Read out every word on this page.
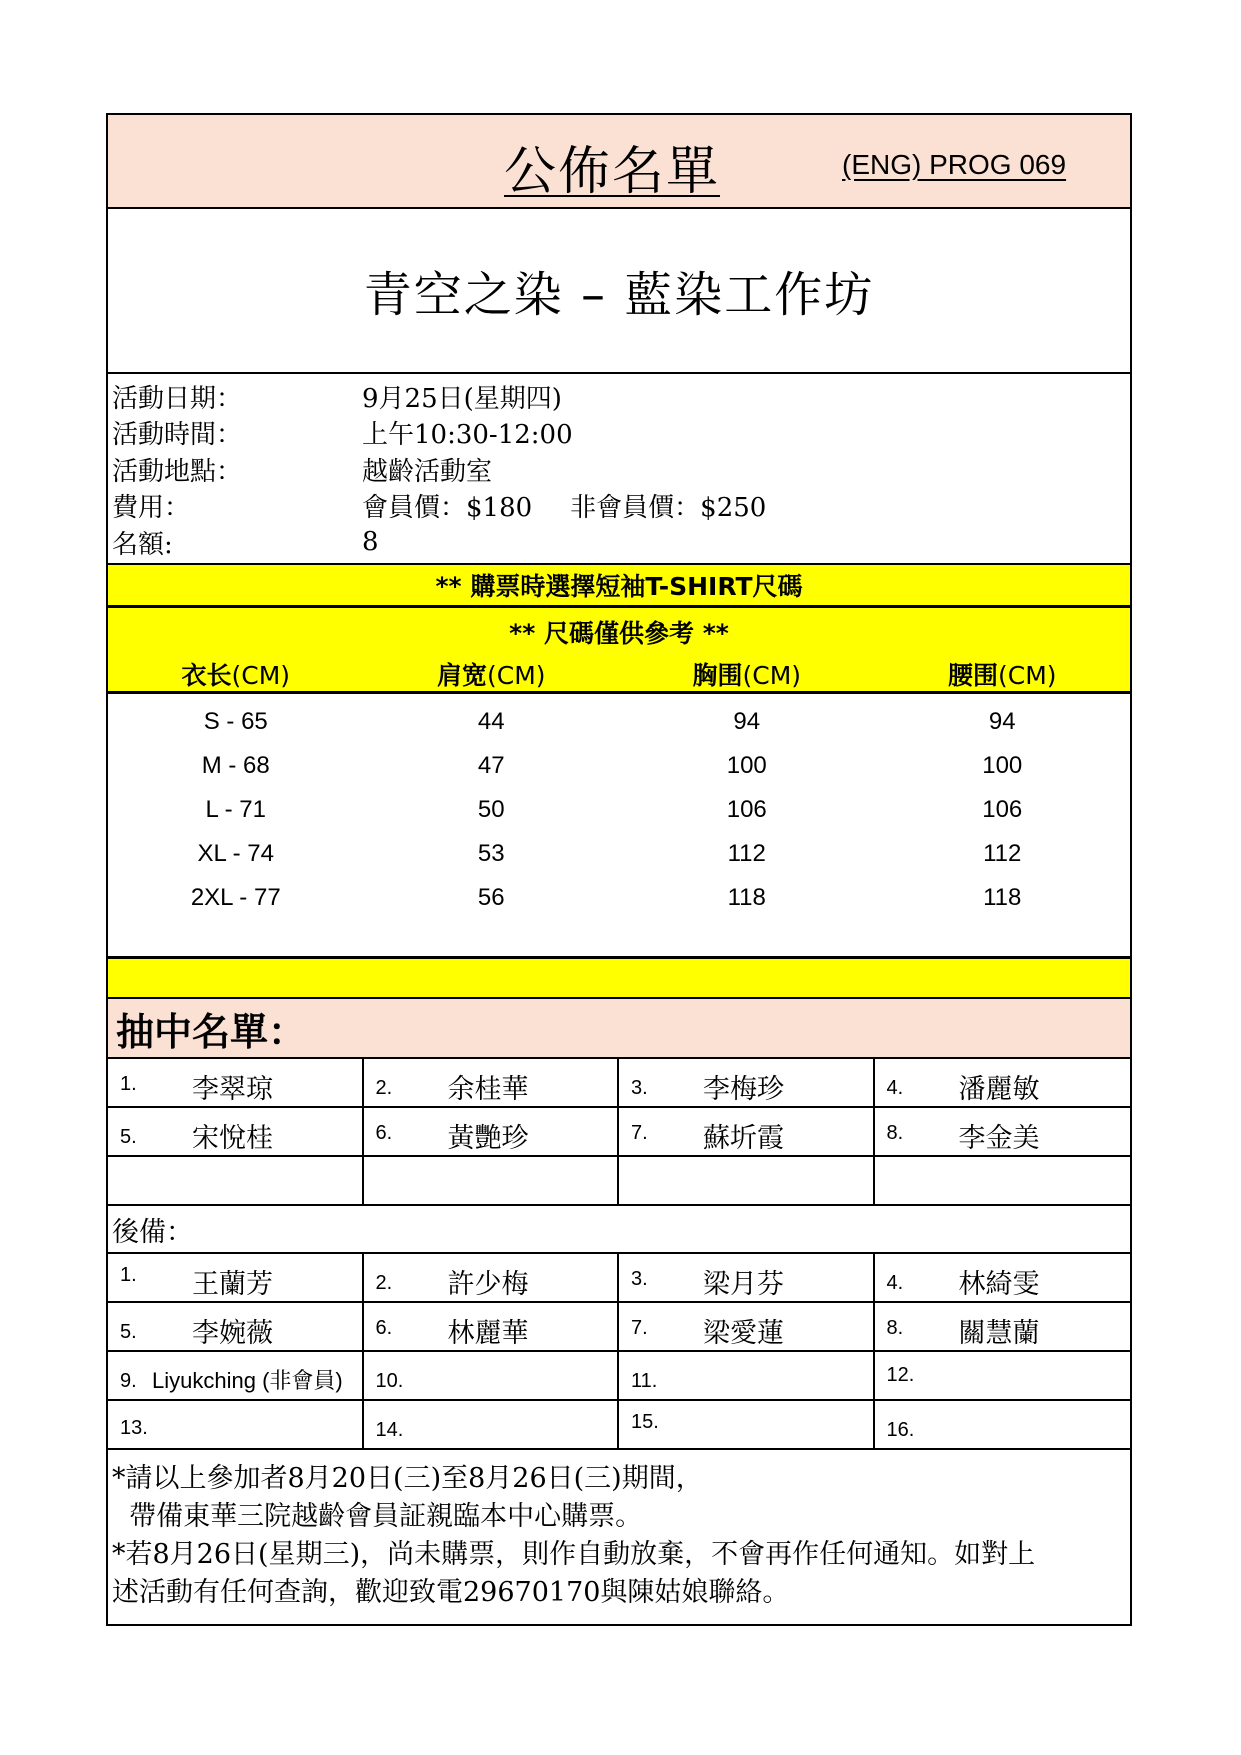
公佈名單	(ENG) PROG 069
青空之染 – 藍染工作坊
活動日期：	9月25日(星期四)
活動時間：	上午10:30-12:00
活動地點：	越齡活動室
費用：	會員價：$180 非會員價：$250
名額:	8
** 購票時選擇短袖T-SHIRT尺碼
** 尺碼僅供參考 **
衣长(CM)	肩宽(CM)	胸围(CM)	腰围(CM)
S - 65	44	94	94
M - 68	47	100	100
L - 71	50	106	106
XL - 74	53	112	112
2XL - 77	56	118	118
抽中名單：
1. 李翠琼	2. 余桂華	3. 李梅珍	4. 潘麗敏
5. 宋悅桂	6. 黃艷珍	7. 蘇圻霞	8. 李金美
後備：
1. 王蘭芳	2. 許少梅	3. 梁月芬	4. 林綺雯
5. 李婉薇	6. 林麗華	7. 梁愛蓮	8. 關慧蘭
9. Liyukching (非會員) 10.	11.	12.
13.	14.	15.	16.
*請以上參加者8月20日(三)至8月26日(三)期間，
帶備東華三院越齡會員証親臨本中心購票。
*若8月26日(星期三)，尚未購票，則作自動放棄，不會再作任何通知。如對上
述活動有任何查詢，歡迎致電29670170與陳姑娘聯絡。
